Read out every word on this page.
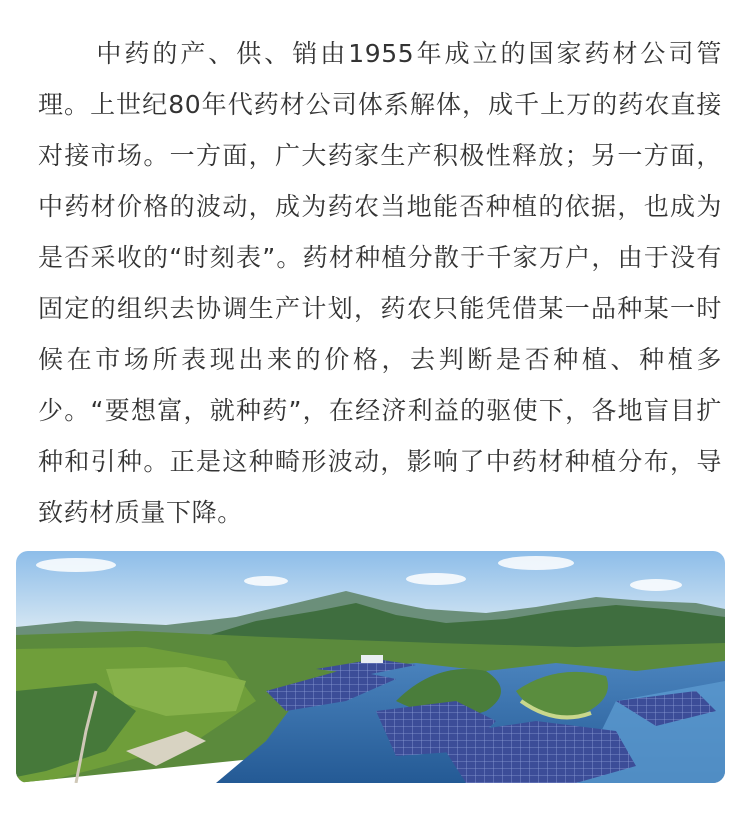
中药的产、供、销由1955年成立的国家药材公司管理。上世纪80年代药材公司体系解体，成千上万的药农直接对接市场。一方面，广大药家生产积极性释放；另一方面，中药材价格的波动，成为药农当地能否种植的依据，也成为是否采收的“时刻表”。药材种植分散于千家万户，由于没有固定的组织去协调生产计划，药农只能凭借某一品种某一时候在市场所表现出来的价格，去判断是否种植、种植多少。“要想富，就种药”，在经济利益的驱使下，各地盲目扩种和引种。正是这种畸形波动，影响了中药材种植分布，导致药材质量下降。
